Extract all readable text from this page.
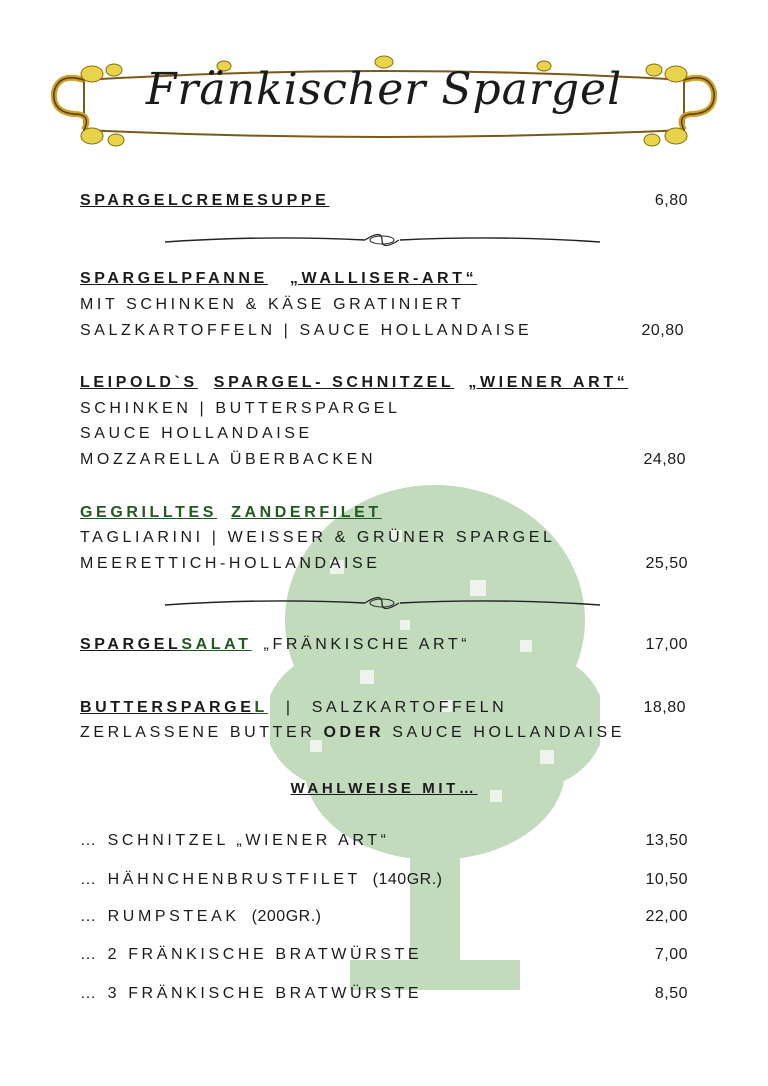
Fränkischer Spargel
SPARGELCREMESUPPE	6,80
SPARGELPFANNE „WALLISER-ART“
MIT SCHINKEN & KÄSE GRATINIERT
SALZKARTOFFELN | SAUCE HOLLANDAISE	20,80
LEIPOLD`S SPARGEL- SCHNITZEL „WIENER ART“
SCHINKEN | BUTTERSPARGEL
SAUCE HOLLANDAISE
MOZZARELLA ÜBERBACKEN	24,80
GEGRILLTES ZANDERFILET
TAGLIARINI | WEISSER & GRÜNER SPARGEL
MEERETTICH-HOLLANDAISE	25,50
SPARGELSALAT „FRÄNKISCHE ART“	17,00
BUTTERSPARGEL | SALZKARTOFFELN	18,80
ZERLASSENE BUTTER ODER SAUCE HOLLANDAISE
WAHLWEISE MIT…
… SCHNITZEL „WIENER ART“	13,50
… HÄHNCHENBRUSTFILET (140GR.)	10,50
… RUMPSTEAK (200GR.)	22,00
… 2 FRÄNKISCHE BRATWÜRSTE	7,00
… 3 FRÄNKISCHE BRATWÜRSTE	8,50
